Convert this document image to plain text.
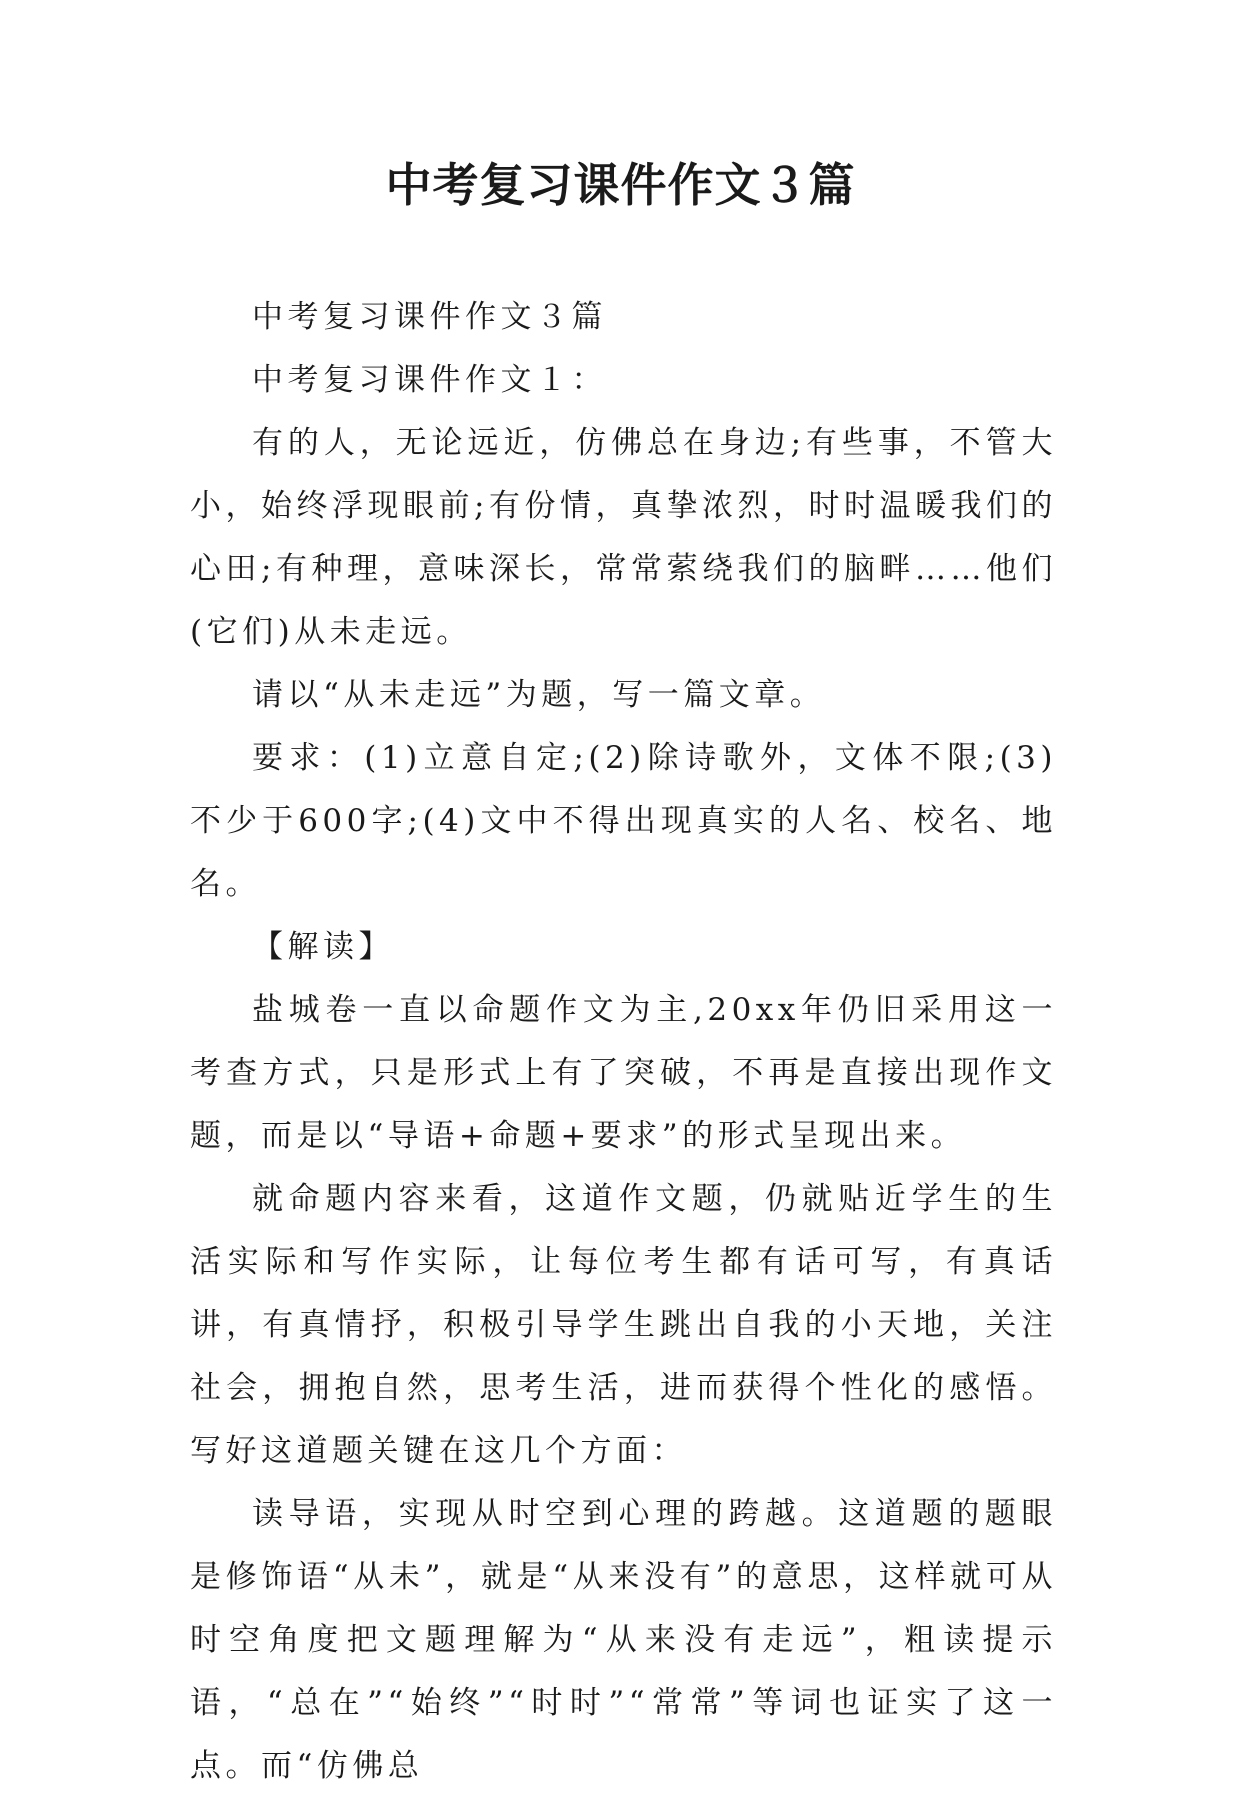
中考复习课件作文３篇

中考复习课件作文３篇

中考复习课件作文１：

有的人，无论远近，仿佛总在身边;有些事，不管大小，始终浮现眼前;有份情，真挚浓烈，时时温暖我们的心田;有种理，意味深长，常常萦绕我们的脑畔……他们(它们)从未走远。

请以“从未走远”为题，写一篇文章。

要求：(1)立意自定;(2)除诗歌外，文体不限;(3)不少于600字;(4)文中不得出现真实的人名、校名、地名。

【解读】

盐城卷一直以命题作文为主,20xx年仍旧采用这一考查方式，只是形式上有了突破，不再是直接出现作文题，而是以“导语+命题+要求”的形式呈现出来。

就命题内容来看，这道作文题，仍就贴近学生的生活实际和写作实际，让每位考生都有话可写，有真话讲，有真情抒，积极引导学生跳出自我的小天地，关注社会，拥抱自然，思考生活，进而获得个性化的感悟。写好这道题关键在这几个方面：

读导语，实现从时空到心理的跨越。这道题的题眼是修饰语“从未”，就是“从来没有”的意思，这样就可从时空角度把文题理解为“从来没有走远”，粗读提示语，“总在”“始终”“时时”“常常”等词也证实了这一点。而“仿佛总
